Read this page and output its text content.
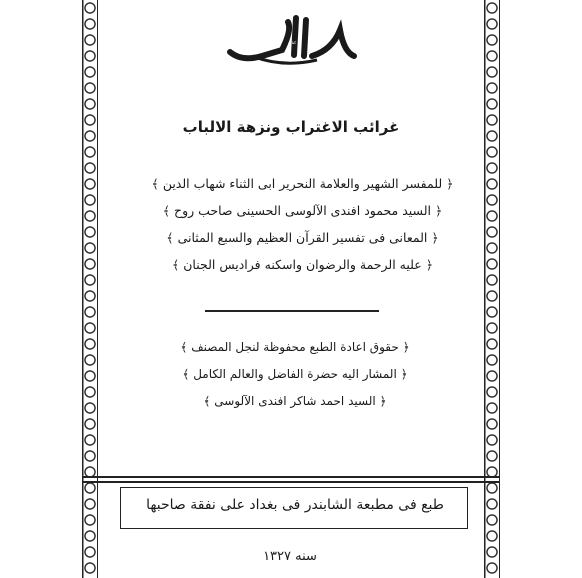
كتاب
غرائب الاغتراب ونزهة الالباب
﴿ للمفسر الشهير والعلامة النحرير ابى الثناء شهاب الدين ﴾
﴿ السيد محمود افندى الآلوسى الحسينى صاحب روح ﴾
﴿ المعانى فى تفسير القرآن العظيم والسبع المثانى ﴾
﴿ عليه الرحمة والرضوان واسكنه فراديس الجنان ﴾
﴿ حقوق اعادة الطبع محفوظة لنجل المصنف ﴾
﴿ المشار اليه حضرة الفاضل والعالم الكامل ﴾
﴿ السيد احمد شاكر افندى الآلوسى ﴾
طبع فى مطبعة الشابندر فى بغداد على نفقة صاحبها
سنه ١٣٢٧
